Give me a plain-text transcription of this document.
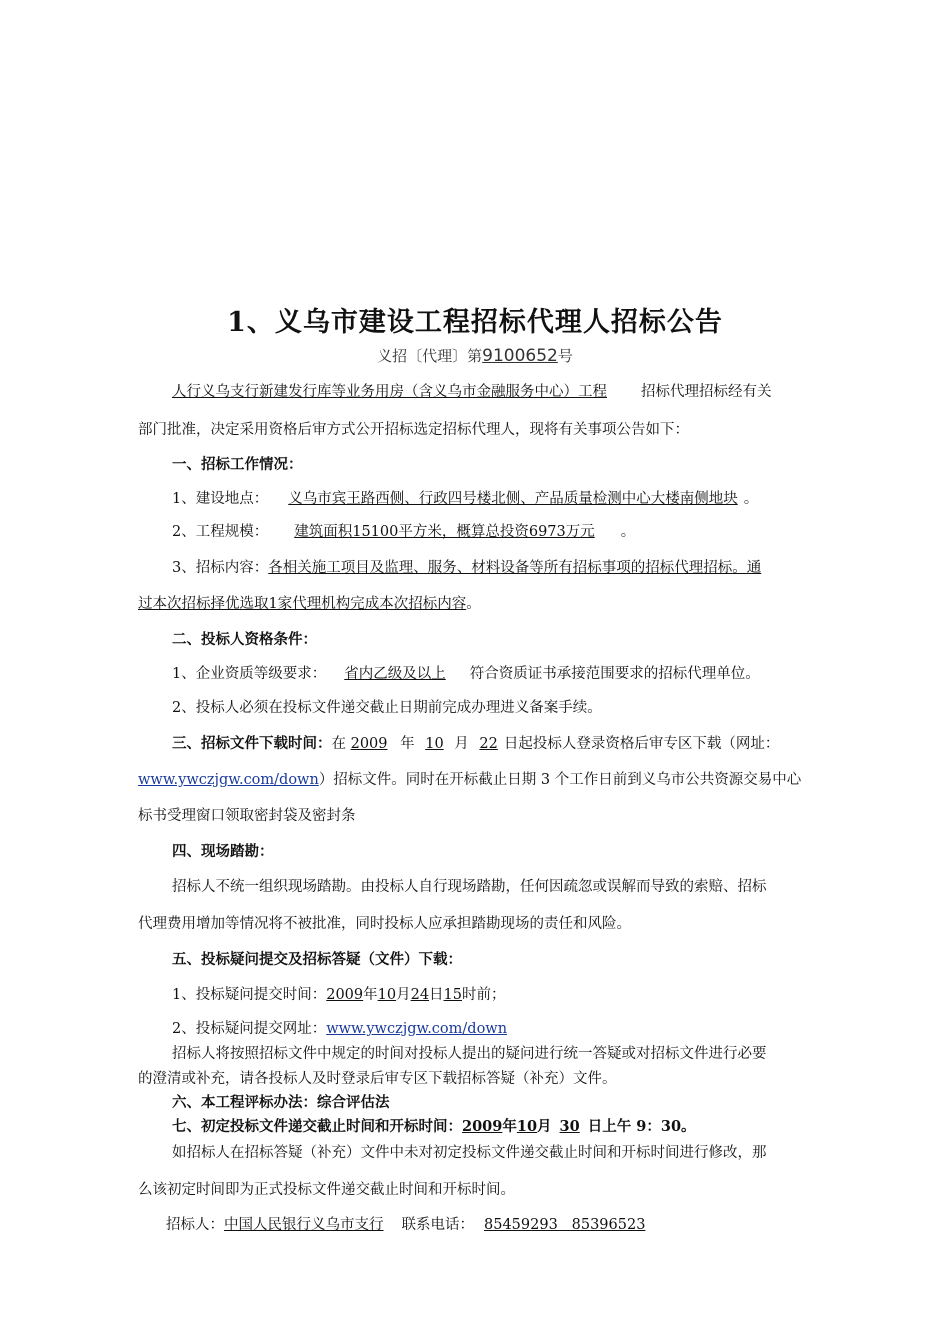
1、义乌市建设工程招标代理人招标公告
义招〔代理〕第9100652号
人行义乌支行新建发行库等业务用房（含义乌市金融服务中心）工程 招标代理招标经有关
部门批准，决定采用资格后审方式公开招标选定招标代理人，现将有关事项公告如下：
一、招标工作情况：
1、建设地点： 义乌市宾王路西侧、行政四号楼北侧、产品质量检测中心大楼南侧地块 。
2、工程规模： 建筑面积15100平方米，概算总投资6973万元 。
3、招标内容：各相关施工项目及监理、服务、材料设备等所有招标事项的招标代理招标。通
过本次招标择优选取1家代理机构完成本次招标内容。
二、投标人资格条件：
1、企业资质等级要求： 省内乙级及以上 符合资质证书承接范围要求的招标代理单位。
2、投标人必须在投标文件递交截止日期前完成办理进义备案手续。
三、招标文件下载时间：在 2009 年 10 月 22 日起投标人登录资格后审专区下载（网址：
www.ywczjgw.com/down）招标文件。同时在开标截止日期 3 个工作日前到义乌市公共资源交易中心
标书受理窗口领取密封袋及密封条
四、现场踏勘：
招标人不统一组织现场踏勘。由投标人自行现场踏勘，任何因疏忽或误解而导致的索赔、招标
代理费用增加等情况将不被批准，同时投标人应承担踏勘现场的责任和风险。
五、投标疑问提交及招标答疑（文件）下载：
1、投标疑问提交时间：2009年10月24日15时前；
2、投标疑问提交网址：www.ywczjgw.com/down
招标人将按照招标文件中规定的时间对投标人提出的疑问进行统一答疑或对招标文件进行必要
的澄清或补充，请各投标人及时登录后审专区下载招标答疑（补充）文件。
六、本工程评标办法：综合评估法
七、初定投标文件递交截止时间和开标时间：2009年10月 30 日上午 9：30。
如招标人在招标答疑（补充）文件中未对初定投标文件递交截止时间和开标时间进行修改，那
么该初定时间即为正式投标文件递交截止时间和开标时间。
招标人：中国人民银行义乌市支行 联系电话： 85459293   85396523
